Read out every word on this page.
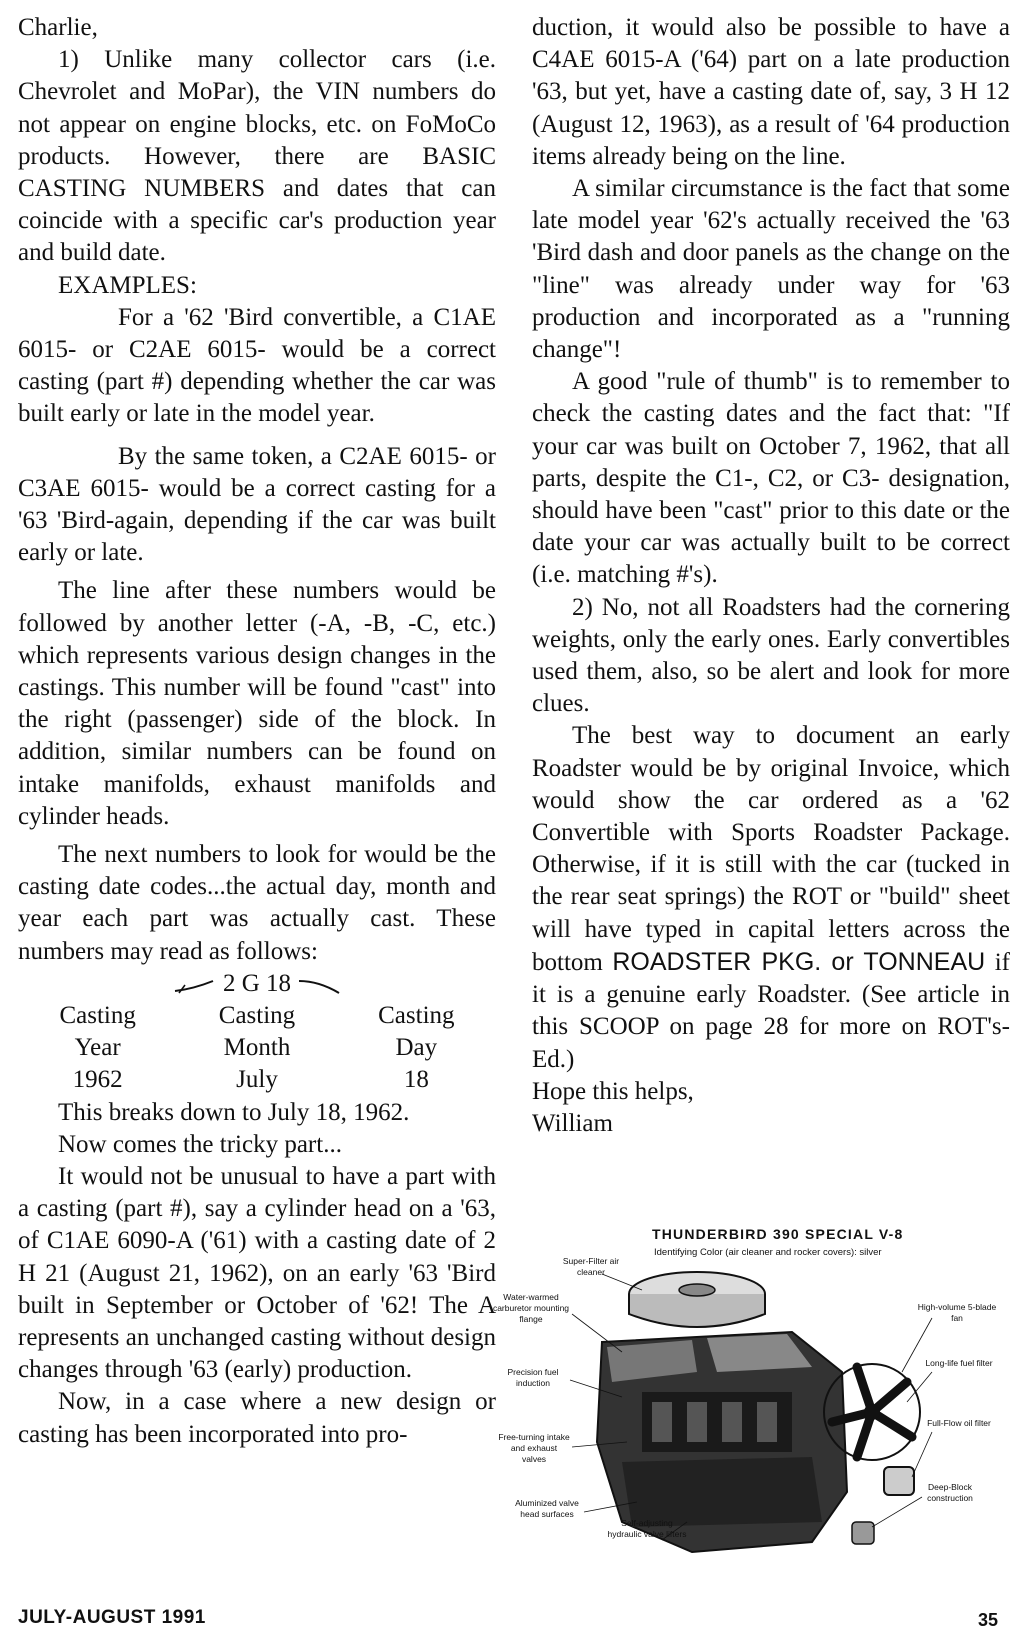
Charlie,

1) Unlike many collector cars (i.e. Chevrolet and MoPar), the VIN numbers do not appear on engine blocks, etc. on FoMoCo products. However, there are BASIC CASTING NUMBERS and dates that can coincide with a specific car's production year and build date.

EXAMPLES:

For a '62 'Bird convertible, a C1AE 6015- or C2AE 6015- would be a correct casting (part #) depending whether the car was built early or late in the model year.

By the same token, a C2AE 6015- or C3AE 6015- would be a correct casting for a '63 'Bird-again, depending if the car was built early or late.

The line after these numbers would be followed by another letter (-A, -B, -C, etc.) which represents various design changes in the castings. This number will be found "cast" into the right (passenger) side of the block. In addition, similar numbers can be found on intake manifolds, exhaust manifolds and cylinder heads.

The next numbers to look for would be the casting date codes...the actual day, month and year each part was actually cast. These numbers may read as follows:

2 G 18
Casting	Casting	Casting
Year	Month	Day
1962	July	18

This breaks down to July 18, 1962.

Now comes the tricky part...

It would not be unusual to have a part with a casting (part #), say a cylinder head on a '63, of C1AE 6090-A ('61) with a casting date of 2 H 21 (August 21, 1962), on an early '63 'Bird built in September or October of '62! The A represents an unchanged casting without design changes through '63 (early) production.

Now, in a case where a new design or casting has been incorporated into pro-

duction, it would also be possible to have a C4AE 6015-A ('64) part on a late production '63, but yet, have a casting date of, say, 3 H 12 (August 12, 1963), as a result of '64 production items already being on the line.

A similar circumstance is the fact that some late model year '62's actually received the '63 'Bird dash and door panels as the change on the "line" was already under way for '63 production and incorporated as a "running change"!

A good "rule of thumb" is to remember to check the casting dates and the fact that: "If your car was built on October 7, 1962, that all parts, despite the C1-, C2, or C3- designation, should have been "cast" prior to this date or the date your car was actually built to be correct (i.e. matching #'s).

2) No, not all Roadsters had the cornering weights, only the early ones. Early convertibles used them, also, so be alert and look for more clues.

The best way to document an early Roadster would be by original Invoice, which would show the car ordered as a '62 Convertible with Sports Roadster Package. Otherwise, if it is still with the car (tucked in the rear seat springs) the ROT or "build" sheet will have typed in capital letters across the bottom ROADSTER PKG. or TONNEAU if it is a genuine early Roadster. (See article in this SCOOP on page 28 for more on ROT's-Ed.)

Hope this helps,

William

THUNDERBIRD 390 SPECIAL V-8
Identifying Color (air cleaner and rocker covers): silver
Super-Filter air cleaner
Water-warmed carburetor mounting flange
Precision fuel induction
Free-turning intake and exhaust valves
Aluminized valve head surfaces
Self-adjusting hydraulic valve lifters
High-volume 5-blade fan
Long-life fuel filter
Full-Flow oil filter
Deep-Block construction
JULY-AUGUST 1991	35
